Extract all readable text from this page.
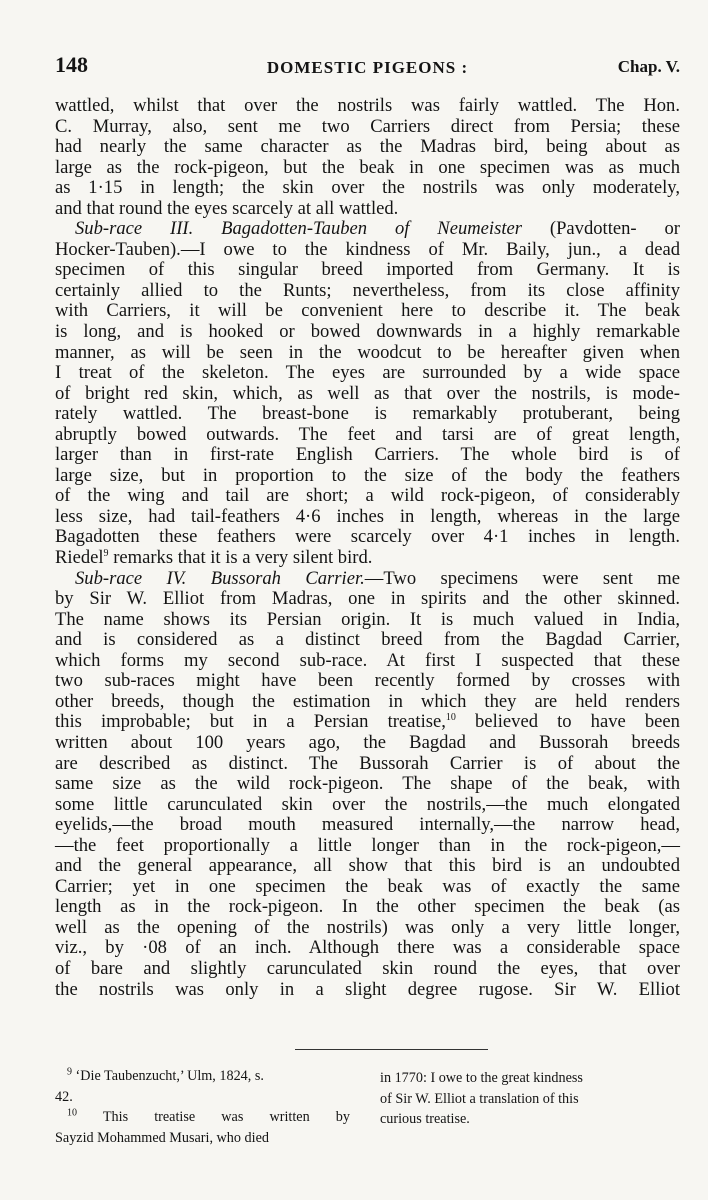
148	DOMESTIC PIGEONS :	Chap. V.
wattled, whilst that over the nostrils was fairly wattled. The Hon.
C. Murray, also, sent me two Carriers direct from Persia; these
had nearly the same character as the Madras bird, being about as
large as the rock-pigeon, but the beak in one specimen was as much
as 1·15 in length; the skin over the nostrils was only moderately,
and that round the eyes scarcely at all wattled.
Sub-race III. Bagadotten-Tauben of Neumeister (Pavdotten- or
Hocker-Tauben).—I owe to the kindness of Mr. Baily, jun., a dead
specimen of this singular breed imported from Germany. It is
certainly allied to the Runts; nevertheless, from its close affinity
with Carriers, it will be convenient here to describe it. The beak
is long, and is hooked or bowed downwards in a highly remarkable
manner, as will be seen in the woodcut to be hereafter given when
I treat of the skeleton. The eyes are surrounded by a wide space
of bright red skin, which, as well as that over the nostrils, is mode-
rately wattled. The breast-bone is remarkably protuberant, being
abruptly bowed outwards. The feet and tarsi are of great length,
larger than in first-rate English Carriers. The whole bird is of
large size, but in proportion to the size of the body the feathers
of the wing and tail are short; a wild rock-pigeon, of considerably
less size, had tail-feathers 4·6 inches in length, whereas in the large
Bagadotten these feathers were scarcely over 4·1 inches in length.
Riedel$^9$ remarks that it is a very silent bird.
Sub-race IV. Bussorah Carrier.—Two specimens were sent me
by Sir W. Elliot from Madras, one in spirits and the other skinned.
The name shows its Persian origin. It is much valued in India,
and is considered as a distinct breed from the Bagdad Carrier,
which forms my second sub-race. At first I suspected that these
two sub-races might have been recently formed by crosses with
other breeds, though the estimation in which they are held renders
this improbable; but in a Persian treatise,$^{10}$ believed to have been
written about 100 years ago, the Bagdad and Bussorah breeds
are described as distinct. The Bussorah Carrier is of about the
same size as the wild rock-pigeon. The shape of the beak, with
some little carunculated skin over the nostrils,—the much elongated
eyelids,—the broad mouth measured internally,—the narrow head,
—the feet proportionally a little longer than in the rock-pigeon,—
and the general appearance, all show that this bird is an undoubted
Carrier; yet in one specimen the beak was of exactly the same
length as in the rock-pigeon. In the other specimen the beak (as
well as the opening of the nostrils) was only a very little longer,
viz., by ·08 of an inch. Although there was a considerable space
of bare and slightly carunculated skin round the eyes, that over
the nostrils was only in a slight degree rugose. Sir W. Elliot
$^9$ ‘Die Taubenzucht,’ Ulm, 1824, s.
42.
$^{10}$ This treatise was written by
Sayzid Mohammed Musari, who died
in 1770: I owe to the great kindness
of Sir W. Elliot a translation of this
curious treatise.
